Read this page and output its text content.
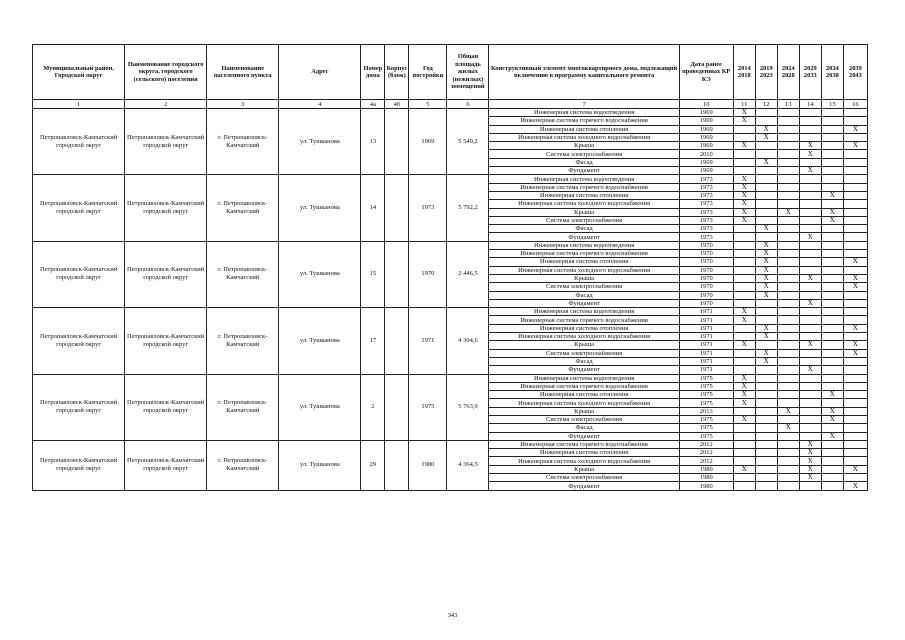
Муниципальный район, Городской округ	Наименование городского округа, городского (сельского) поселения	Наименование населенного пункта	Адрес	Номер дома	Корпус (блок)	Год постройки	Общая площадь жилых (нежилых) помещений	Конструктивный элемент многоквартирного дома, подлежащий включению в программу капитального ремонта	Дата ранее проведенных КР КЭ	2014 2018	2019 2023	2024 2028	2029 2033	2034 2038	2039 2043
1	2	3	4	4а	4б	5	6	7	10	11	12	13	14	15	16
Петропавловск-Камчатский городской округ	Петропавловск-Камчатский городской округ	г. Петропавловск-Камчатский	ул. Тушканова	13		1969	5 549,2	Инженерная система водоотведения	1969	X					
								Инженерная система горячего водоснабжения	1969	X					
								Инженерная система отопления	1969		X				X
								Инженерная система холодного водоснабжения	1969		X				
								Крыша	1969	X			X		X
								Система электроснабжения	2010				X		
								Фасад	1969		X				
								Фундамент	1969				X		
Петропавловск-Камчатский городской округ	Петропавловск-Камчатский городской округ	г. Петропавловск-Камчатский	ул. Тушканова	14		1973	5 792,2	Инженерная система водоотведения	1973	X					
								Инженерная система горячего водоснабжения	1973	X					
								Инженерная система отопления	1973	X				X	
								Инженерная система холодного водоснабжения	1973	X					
								Крыша	1973	X		X		X	
								Система электроснабжения	1973	X				X	
								Фасад	1973		X				
								Фундамент	1973				X		
Петропавловск-Камчатский городской округ	Петропавловск-Камчатский городской округ	г. Петропавловск-Камчатский	ул. Тушканова	15		1970	2 446,5	Инженерная система водоотведения	1970		X				
								Инженерная система горячего водоснабжения	1970		X				
								Инженерная система отопления	1970		X				X
								Инженерная система холодного водоснабжения	1970		X				
								Крыша	1970		X		X		X
								Система электроснабжения	1970		X				X
								Фасад	1970		X				
								Фундамент	1970				X		
Петропавловск-Камчатский городской округ	Петропавловск-Камчатский городской округ	г. Петропавловск-Камчатский	ул. Тушканова	17		1971	4 304,6	Инженерная система водоотведения	1971	X					
								Инженерная система горячего водоснабжения	1971	X					
								Инженерная система отопления	1971		X				X
								Инженерная система холодного водоснабжения	1971		X				
								Крыша	1971	X			X		X
								Система электроснабжения	1971		X				X
								Фасад	1971		X				
								Фундамент	1971				X		
Петропавловск-Камчатский городской округ	Петропавловск-Камчатский городской округ	г. Петропавловск-Камчатский	ул. Тушканова	2		1975	5 763,9	Инженерная система водоотведения	1975	X					
								Инженерная система горячего водоснабжения	1975	X					
								Инженерная система отопления	1975	X				X	
								Инженерная система холодного водоснабжения	1975	X					
								Крыша	2013			X		X	
								Система электроснабжения	1975	X				X	
								Фасад	1975			X			
								Фундамент	1975					X	
Петропавловск-Камчатский городской округ	Петропавловск-Камчатский городской округ	г. Петропавловск-Камчатский	ул. Тушканова	29		1980	4 364,5	Инженерная система горячего водоснабжения	2012				X		
								Инженерная система отопления	2012				X		
								Инженерная система холодного водоснабжения	2012				X		
								Крыша	1980	X			X		X
								Система электроснабжения	1980				X		
								Фундамент	1980						X
343
